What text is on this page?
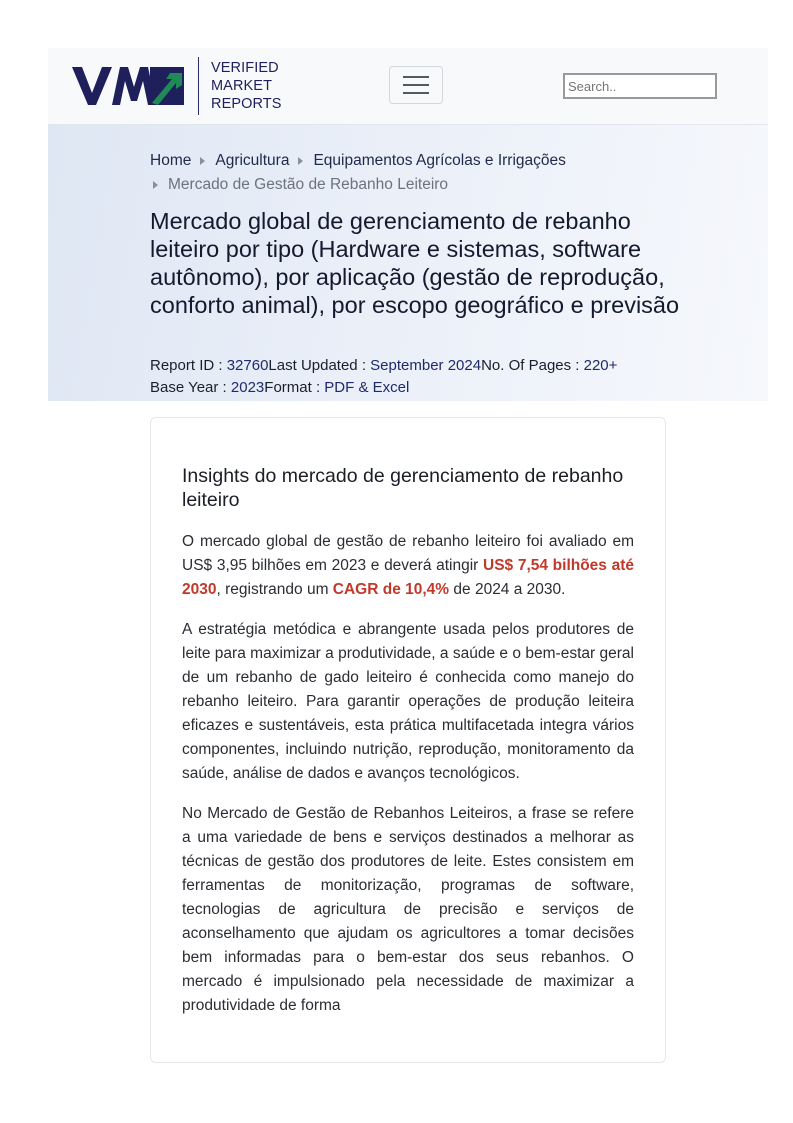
VERIFIED
MARKET
REPORTS
Search..
Home Agricultura Equipamentos Agrícolas e Irrigações
Mercado de Gestão de Rebanho Leiteiro
Mercado global de gerenciamento de rebanho leiteiro por tipo (Hardware e sistemas, software autônomo), por aplicação (gestão de reprodução, conforto animal), por escopo geográfico e previsão
Report ID : 32760Last Updated : September 2024No. Of Pages : 220+
Base Year : 2023Format : PDF & Excel
Insights do mercado de gerenciamento de rebanho leiteiro

O mercado global de gestão de rebanho leiteiro foi avaliado em US$ 3,95 bilhões em 2023 e deverá atingir US$ 7,54 bilhões até 2030, registrando um CAGR de 10,4% de 2024 a 2030.

A estratégia metódica e abrangente usada pelos produtores de leite para maximizar a produtividade, a saúde e o bem-estar geral de um rebanho de gado leiteiro é conhecida como manejo do rebanho leiteiro. Para garantir operações de produção leiteira eficazes e sustentáveis, esta prática multifacetada integra vários componentes, incluindo nutrição, reprodução, monitoramento da saúde, análise de dados e avanços tecnológicos.

No Mercado de Gestão de Rebanhos Leiteiros, a frase se refere a uma variedade de bens e serviços destinados a melhorar as técnicas de gestão dos produtores de leite. Estes consistem em ferramentas de monitorização, programas de software, tecnologias de agricultura de precisão e serviços de aconselhamento que ajudam os agricultores a tomar decisões bem informadas para o bem-estar dos seus rebanhos. O mercado é impulsionado pela necessidade de maximizar a produtividade de forma
